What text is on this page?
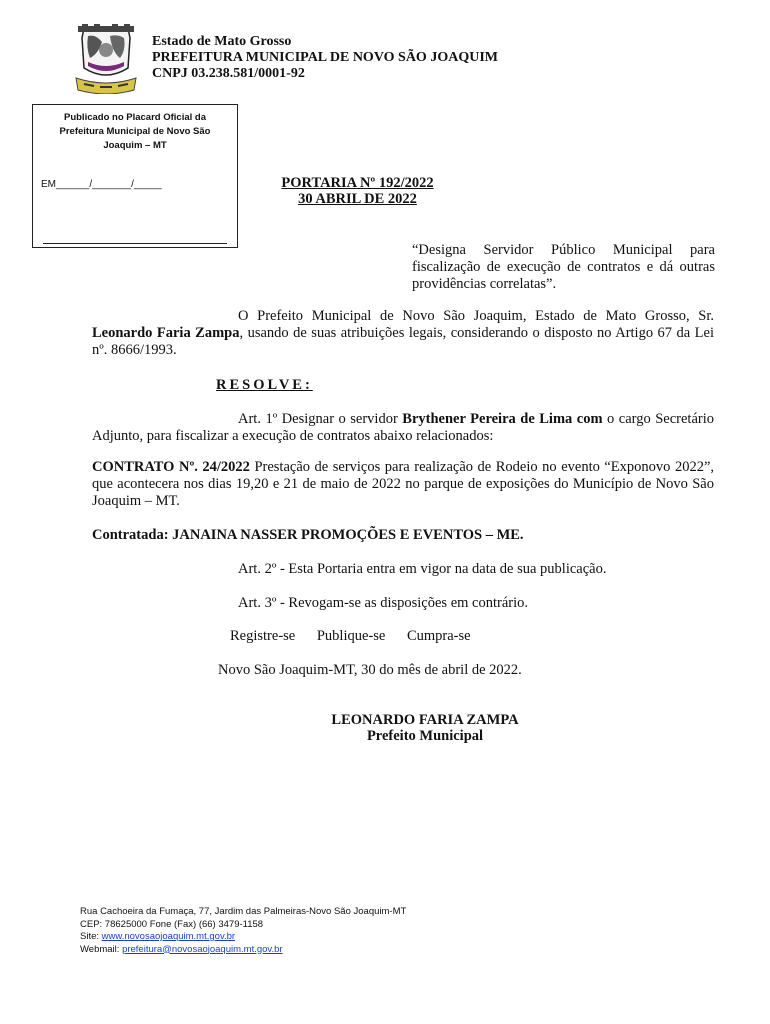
Estado de Mato Grosso
PREFEITURA MUNICIPAL DE NOVO SÃO JOAQUIM
CNPJ 03.238.581/0001-92
Publicado no Placard Oficial da Prefeitura Municipal de Novo São Joaquim – MT
EM______/_______/_____	PORTARIA Nº 192/2022
30 ABRIL DE 2022
“Designa Servidor Público Municipal para fiscalização de execução de contratos e dá outras providências correlatas”.
O Prefeito Municipal de Novo São Joaquim, Estado de Mato Grosso, Sr. Leonardo Faria Zampa, usando de suas atribuições legais, considerando o disposto no Artigo 67 da Lei nº. 8666/1993.
RESOLVE:
Art. 1º Designar o servidor Brythener Pereira de Lima com o cargo Secretário Adjunto, para fiscalizar a execução de contratos abaixo relacionados:
CONTRATO Nº. 24/2022 Prestação de serviços para realização de Rodeio no evento “Exponovo 2022”, que acontecera nos dias 19,20 e 21 de maio de 2022 no parque de exposições do Município de Novo São Joaquim – MT.
Contratada: JANAINA NASSER PROMOÇÕES E EVENTOS – ME.
Art. 2º - Esta Portaria entra em vigor na data de sua publicação.
Art. 3º - Revogam-se as disposições em contrário.
Registre-se Publique-se Cumpra-se
Novo São Joaquim-MT, 30 do mês de abril de 2022.
LEONARDO FARIA ZAMPA
Prefeito Municipal
Rua Cachoeira da Fumaça, 77, Jardim das Palmeiras-Novo São Joaquim-MT
CEP: 78625000 Fone (Fax) (66) 3479-1158
Site: www.novosaojoaquim.mt.gov.br
Webmail: prefeitura@novosaojoaquim.mt.gov.br
